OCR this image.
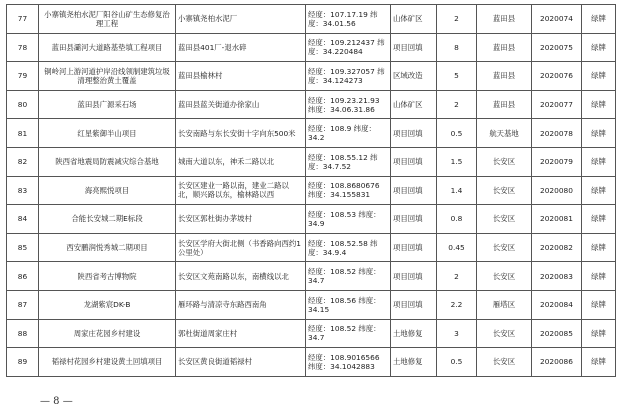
77	小寨镇尧柏水泥厂阳谷山矿生态修复治理工程	小寨镇尧柏水泥厂	经度：107.17.19 纬度：34.01.56	山体矿区	2	蓝田县	2020074	绿牌
78	蓝田县灞河大道路基垫填工程项目	蓝田县401厂-退水碎	经度：109.212437 纬度：34.220484	项目回填	8	蓝田县	2020075	绿牌
79	铜岭河上游河道护岸沿线领制建筑垃圾清理整治黄土覆盖	蓝田县榆林村	经度：109.327057 纬度：34.124273	区域改造	5	蓝田县	2020076	绿牌
80	蓝田县广源采石场	蓝田县蓝关街道办徐家山	经度：109.23.21.93 纬度：34.06.31.86	山体矿区	2	蓝田县	2020077	绿牌
81	红星紫御半山项目	长安南路与东长安街十字向东500米	经度：108.9 纬度：34.2	项目回填	0.5	航天基地	2020078	绿牌
82	陕西省地震局防震减灾综合基地	城南大道以东，神禾二路以北	经度：108.55.12 纬度：34.7.52	项目回填	1.5	长安区	2020079	绿牌
83	海亮熙悦项目	长安区建业一路以南，建业二路以北，顺兴路以东，榆林路以西	经度：108.8680676 纬度：34.155831	项目回填	1.4	长安区	2020080	绿牌
84	合能长安城二期E标段	长安区郭杜街办茅坡村	经度：108.53 纬度：34.9	项目回填	0.8	长安区	2020081	绿牌
85	西安鹏润悦秀城二期项目	长安区学府大街北侧（书香路向西约1公里处）	经度：108.52.58 纬度：34.9.4	项目回填	0.45	长安区	2020082	绿牌
86	陕西省考古博物院	长安区文苑南路以东，南横线以北	经度：108.52 纬度：34.7	项目回填	2	长安区	2020083	绿牌
87	龙湖紫宸DK-B	雁环路与清凉寺东路西南角	经度：108.56 纬度：34.15	项目回填	2.2	雁塔区	2020084	绿牌
88	周家庄花园乡村建设	郭杜街道周家庄村	经度：108.52 纬度：34.7	土地修复	3	长安区	2020085	绿牌
89	韬禄村花园乡村建设黄土回填项目	长安区黄良街道韬禄村	经度：108.9016566 纬度：34.1042883	土地修复	0.5	长安区	2020086	绿牌
— 8 —
